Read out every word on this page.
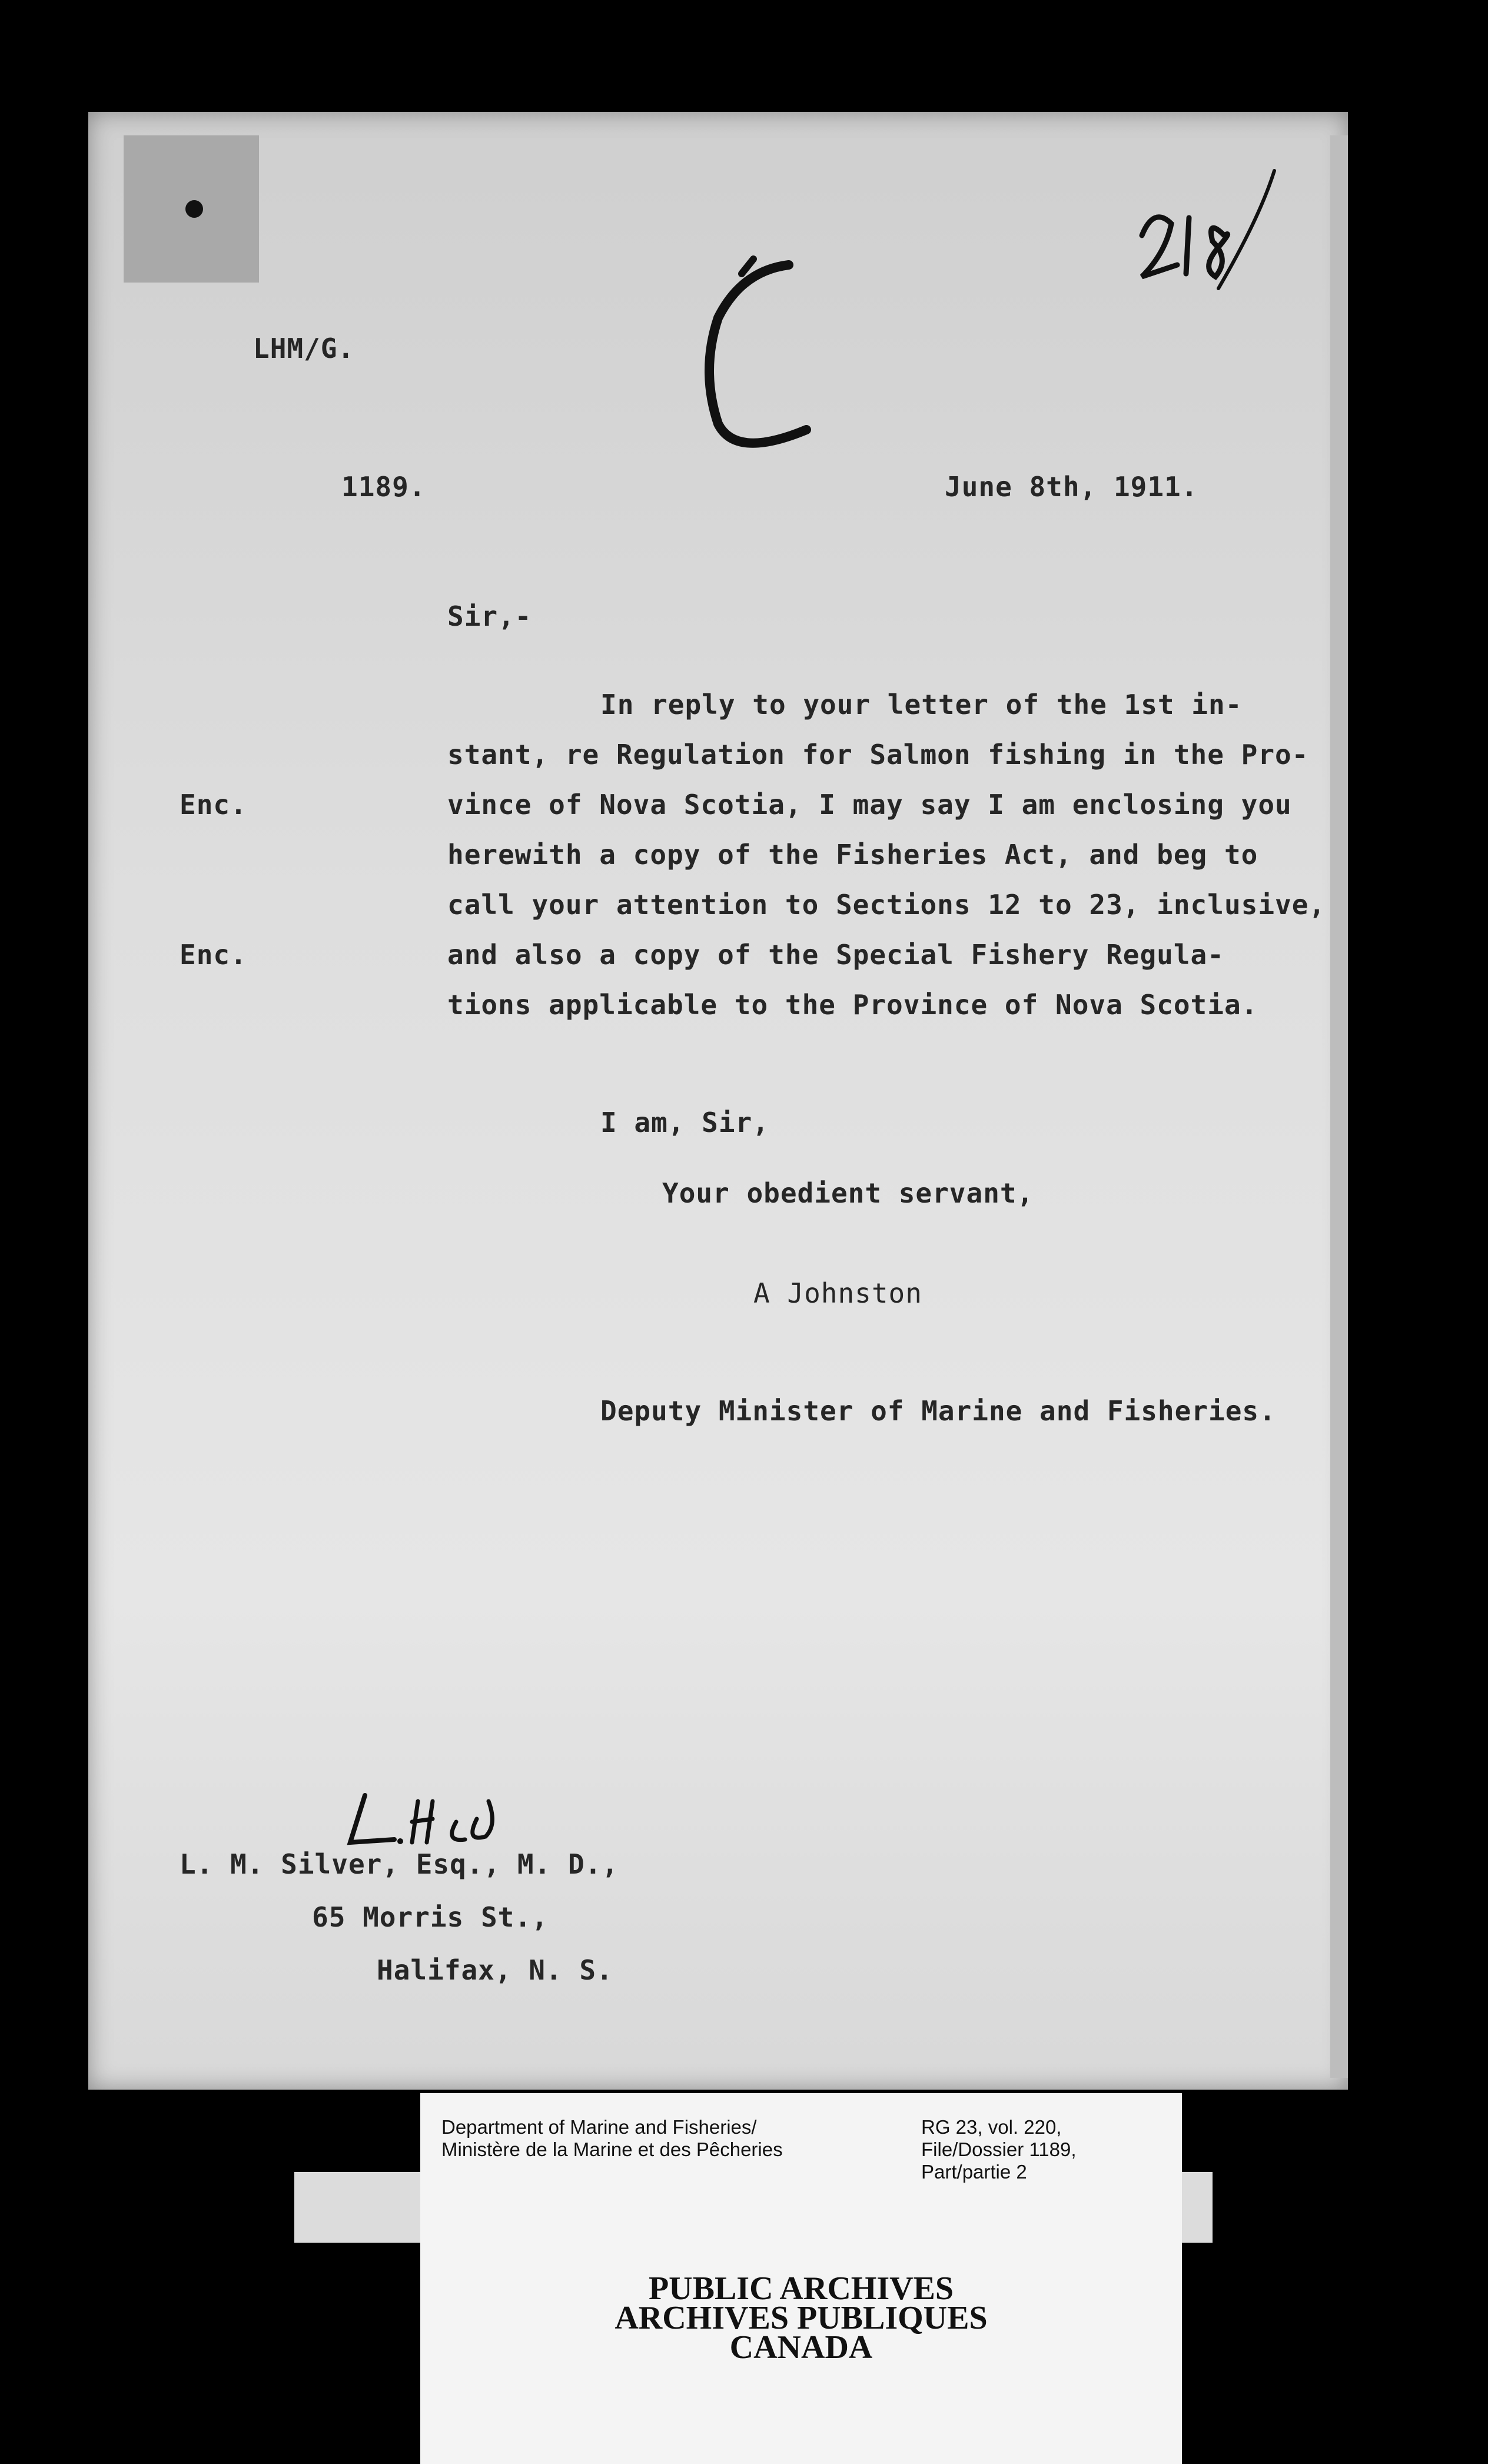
LHM/G.
1189.	June 8th, 1911.
Sir,-
In reply to your letter of the 1st in-
stant, re Regulation for Salmon fishing in the Pro-
vince of Nova Scotia, I may say I am enclosing you
herewith a copy of the Fisheries Act, and beg to
call your attention to Sections 12 to 23, inclusive,
and also a copy of the Special Fishery Regula-
tions applicable to the Province of Nova Scotia.
Enc.
Enc.
I am, Sir,
Your obedient servant,
A Johnston
Deputy Minister of Marine and Fisheries.
L. M. Silver, Esq., M. D.,
65 Morris St.,
Halifax, N. S.
Department of Marine and Fisheries/
Ministère de la Marine et des Pêcheries
RG 23, vol. 220,
File/Dossier 1189,
Part/partie 2
PUBLIC ARCHIVES
ARCHIVES PUBLIQUES
CANADA
